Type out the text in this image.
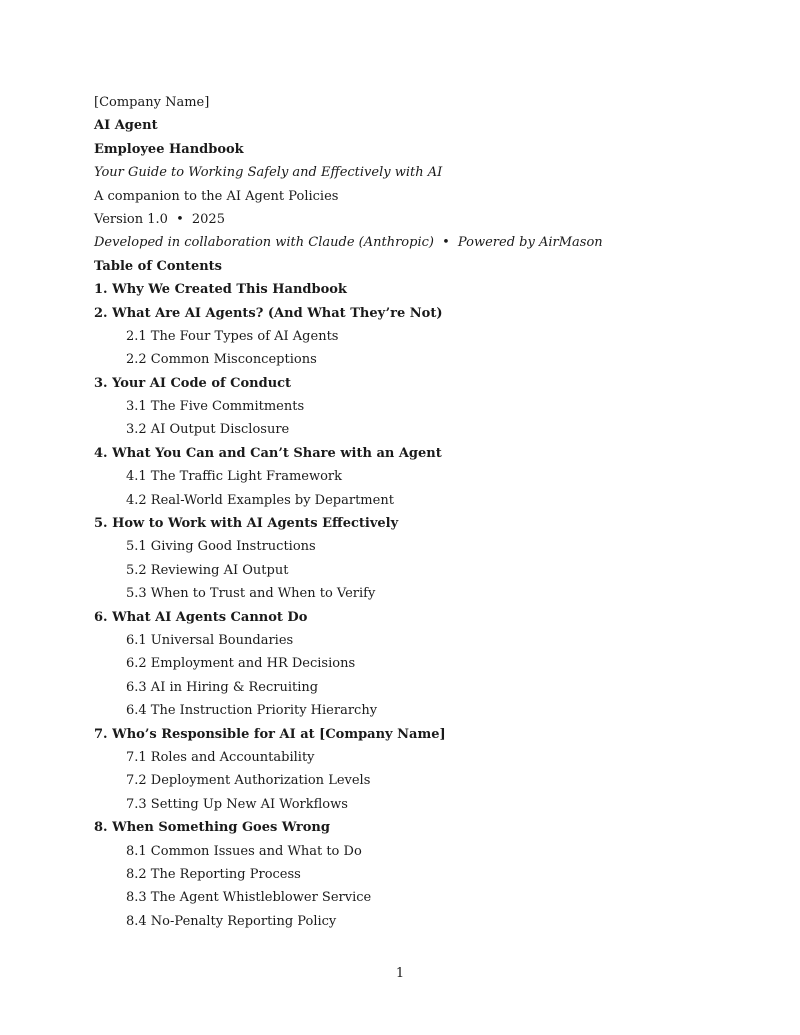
[Company Name]
AI Agent
Employee Handbook
Your Guide to Working Safely and Effectively with AI
A companion to the AI Agent Policies
Version 1.0 • 2025
Developed in collaboration with Claude (Anthropic) • Powered by AirMason
Table of Contents
1. Why We Created This Handbook
2. What Are AI Agents? (And What They’re Not)
2.1 The Four Types of AI Agents
2.2 Common Misconceptions
3. Your AI Code of Conduct
3.1 The Five Commitments
3.2 AI Output Disclosure
4. What You Can and Can’t Share with an Agent
4.1 The Traffic Light Framework
4.2 Real-World Examples by Department
5. How to Work with AI Agents Effectively
5.1 Giving Good Instructions
5.2 Reviewing AI Output
5.3 When to Trust and When to Verify
6. What AI Agents Cannot Do
6.1 Universal Boundaries
6.2 Employment and HR Decisions
6.3 AI in Hiring & Recruiting
6.4 The Instruction Priority Hierarchy
7. Who’s Responsible for AI at [Company Name]
7.1 Roles and Accountability
7.2 Deployment Authorization Levels
7.3 Setting Up New AI Workflows
8. When Something Goes Wrong
8.1 Common Issues and What to Do
8.2 The Reporting Process
8.3 The Agent Whistleblower Service
8.4 No-Penalty Reporting Policy
1
